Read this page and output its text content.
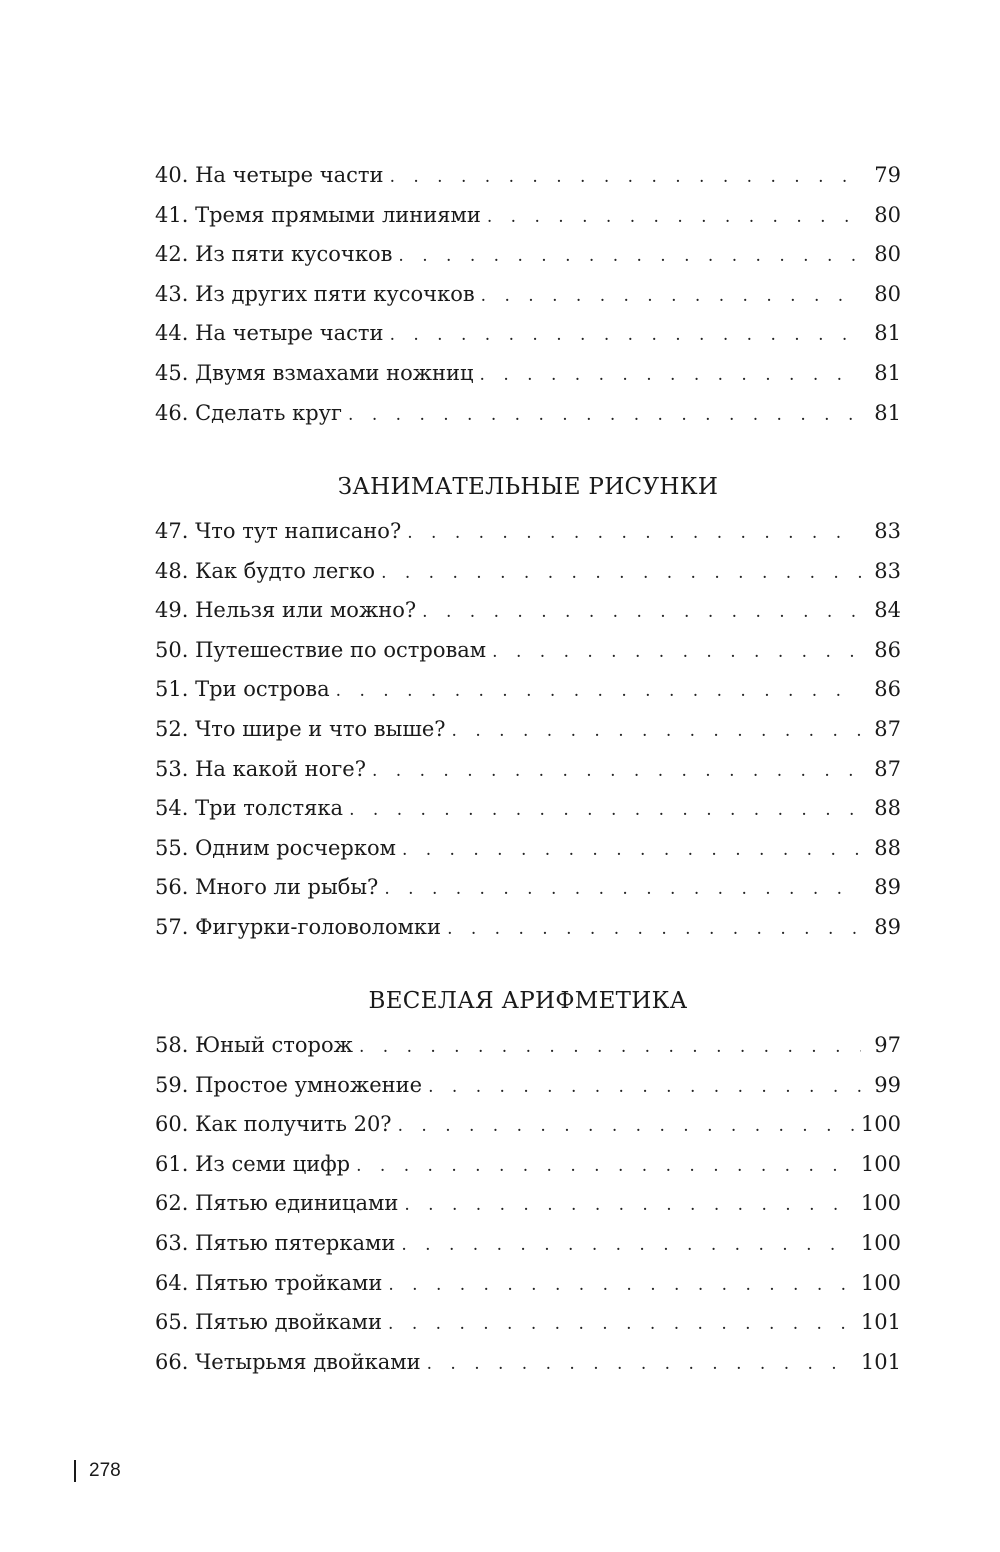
40. На четыре части . . .	79
41. Тремя прямыми линиями . . .	80
42. Из пяти кусочков . . .	80
43. Из других пяти кусочков . . .	80
44. На четыре части . . .	81
45. Двумя взмахами ножниц . . .	81
46. Сделать круг . . .	81
ЗАНИМАТЕЛЬНЫЕ РИСУНКИ
47. Что тут написано? . . .	83
48. Как будто легко . . .	83
49. Нельзя или можно? . . .	84
50. Путешествие по островам . . .	86
51. Три острова . . .	86
52. Что шире и что выше? . . .	87
53. На какой ноге? . . .	87
54. Три толстяка . . .	88
55. Одним росчерком . . .	88
56. Много ли рыбы? . . .	89
57. Фигурки-головоломки . . .	89
ВЕСЕЛАЯ АРИФМЕТИКА
58. Юный сторож . . .	97
59. Простое умножение . . .	99
60. Как получить 20? . . .	100
61. Из семи цифр . . .	100
62. Пятью единицами . . .	100
63. Пятью пятерками . . .	100
64. Пятью тройками . . .	100
65. Пятью двойками . . .	101
66. Четырьмя двойками . . .	101
278
